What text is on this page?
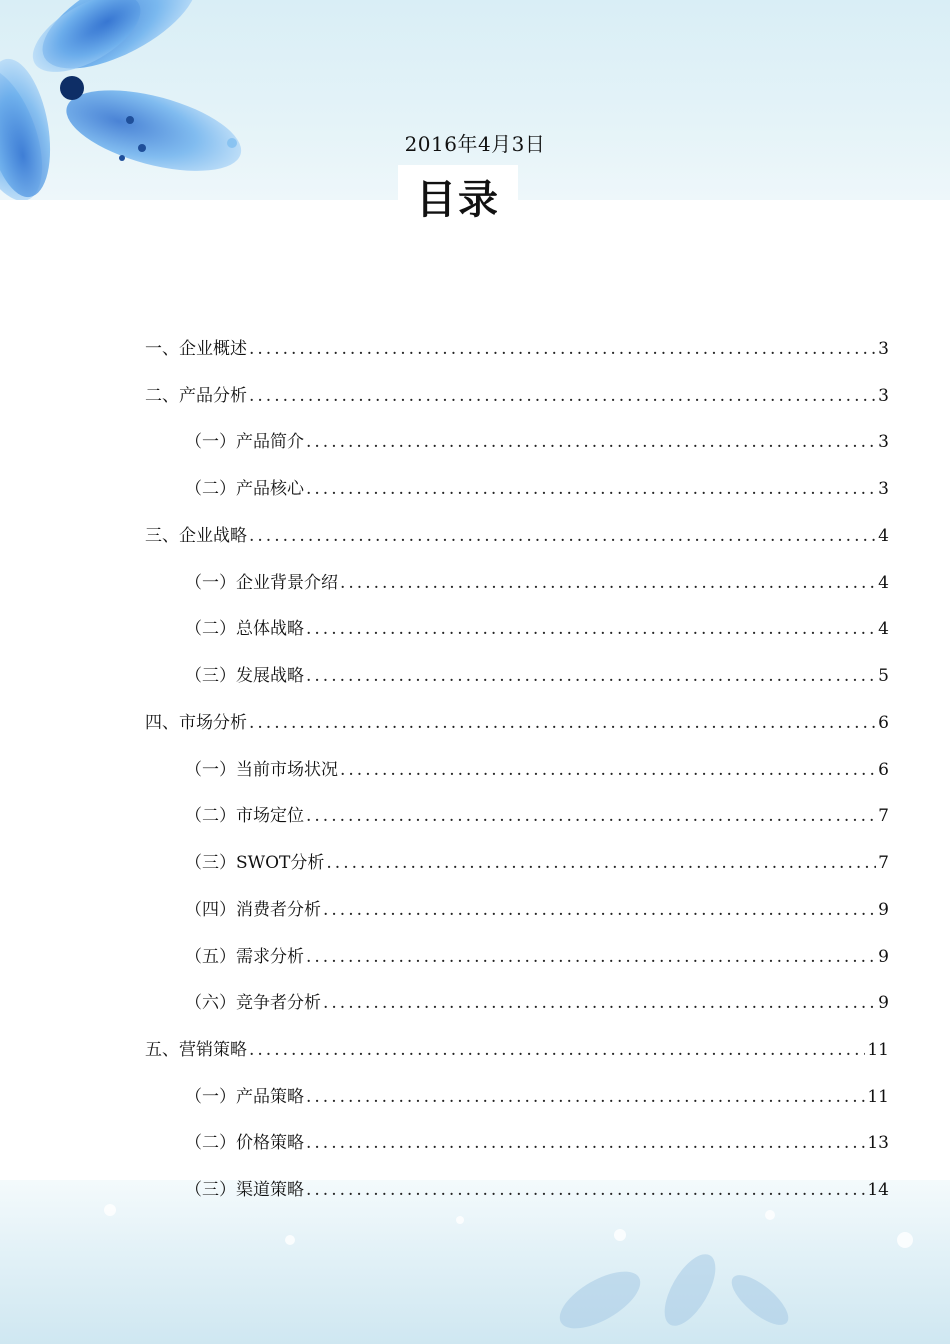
2016年4月3日
目录
一、企业概述 .....	3
二、产品分析 .....	3
（一）产品简介 .....	3
（二）产品核心 .....	3
三、企业战略 .....	4
（一）企业背景介绍 .....	4
（二）总体战略 .....	4
（三）发展战略 .....	5
四、市场分析 .....	6
（一）当前市场状况 .....	6
（二）市场定位 .....	7
（三）SWOT分析 .....	7
（四）消费者分析 .....	9
（五）需求分析 .....	9
（六）竞争者分析 .....	9
五、营销策略 .....	11
（一）产品策略 .....	11
（二）价格策略 .....	13
（三）渠道策略 .....	14
